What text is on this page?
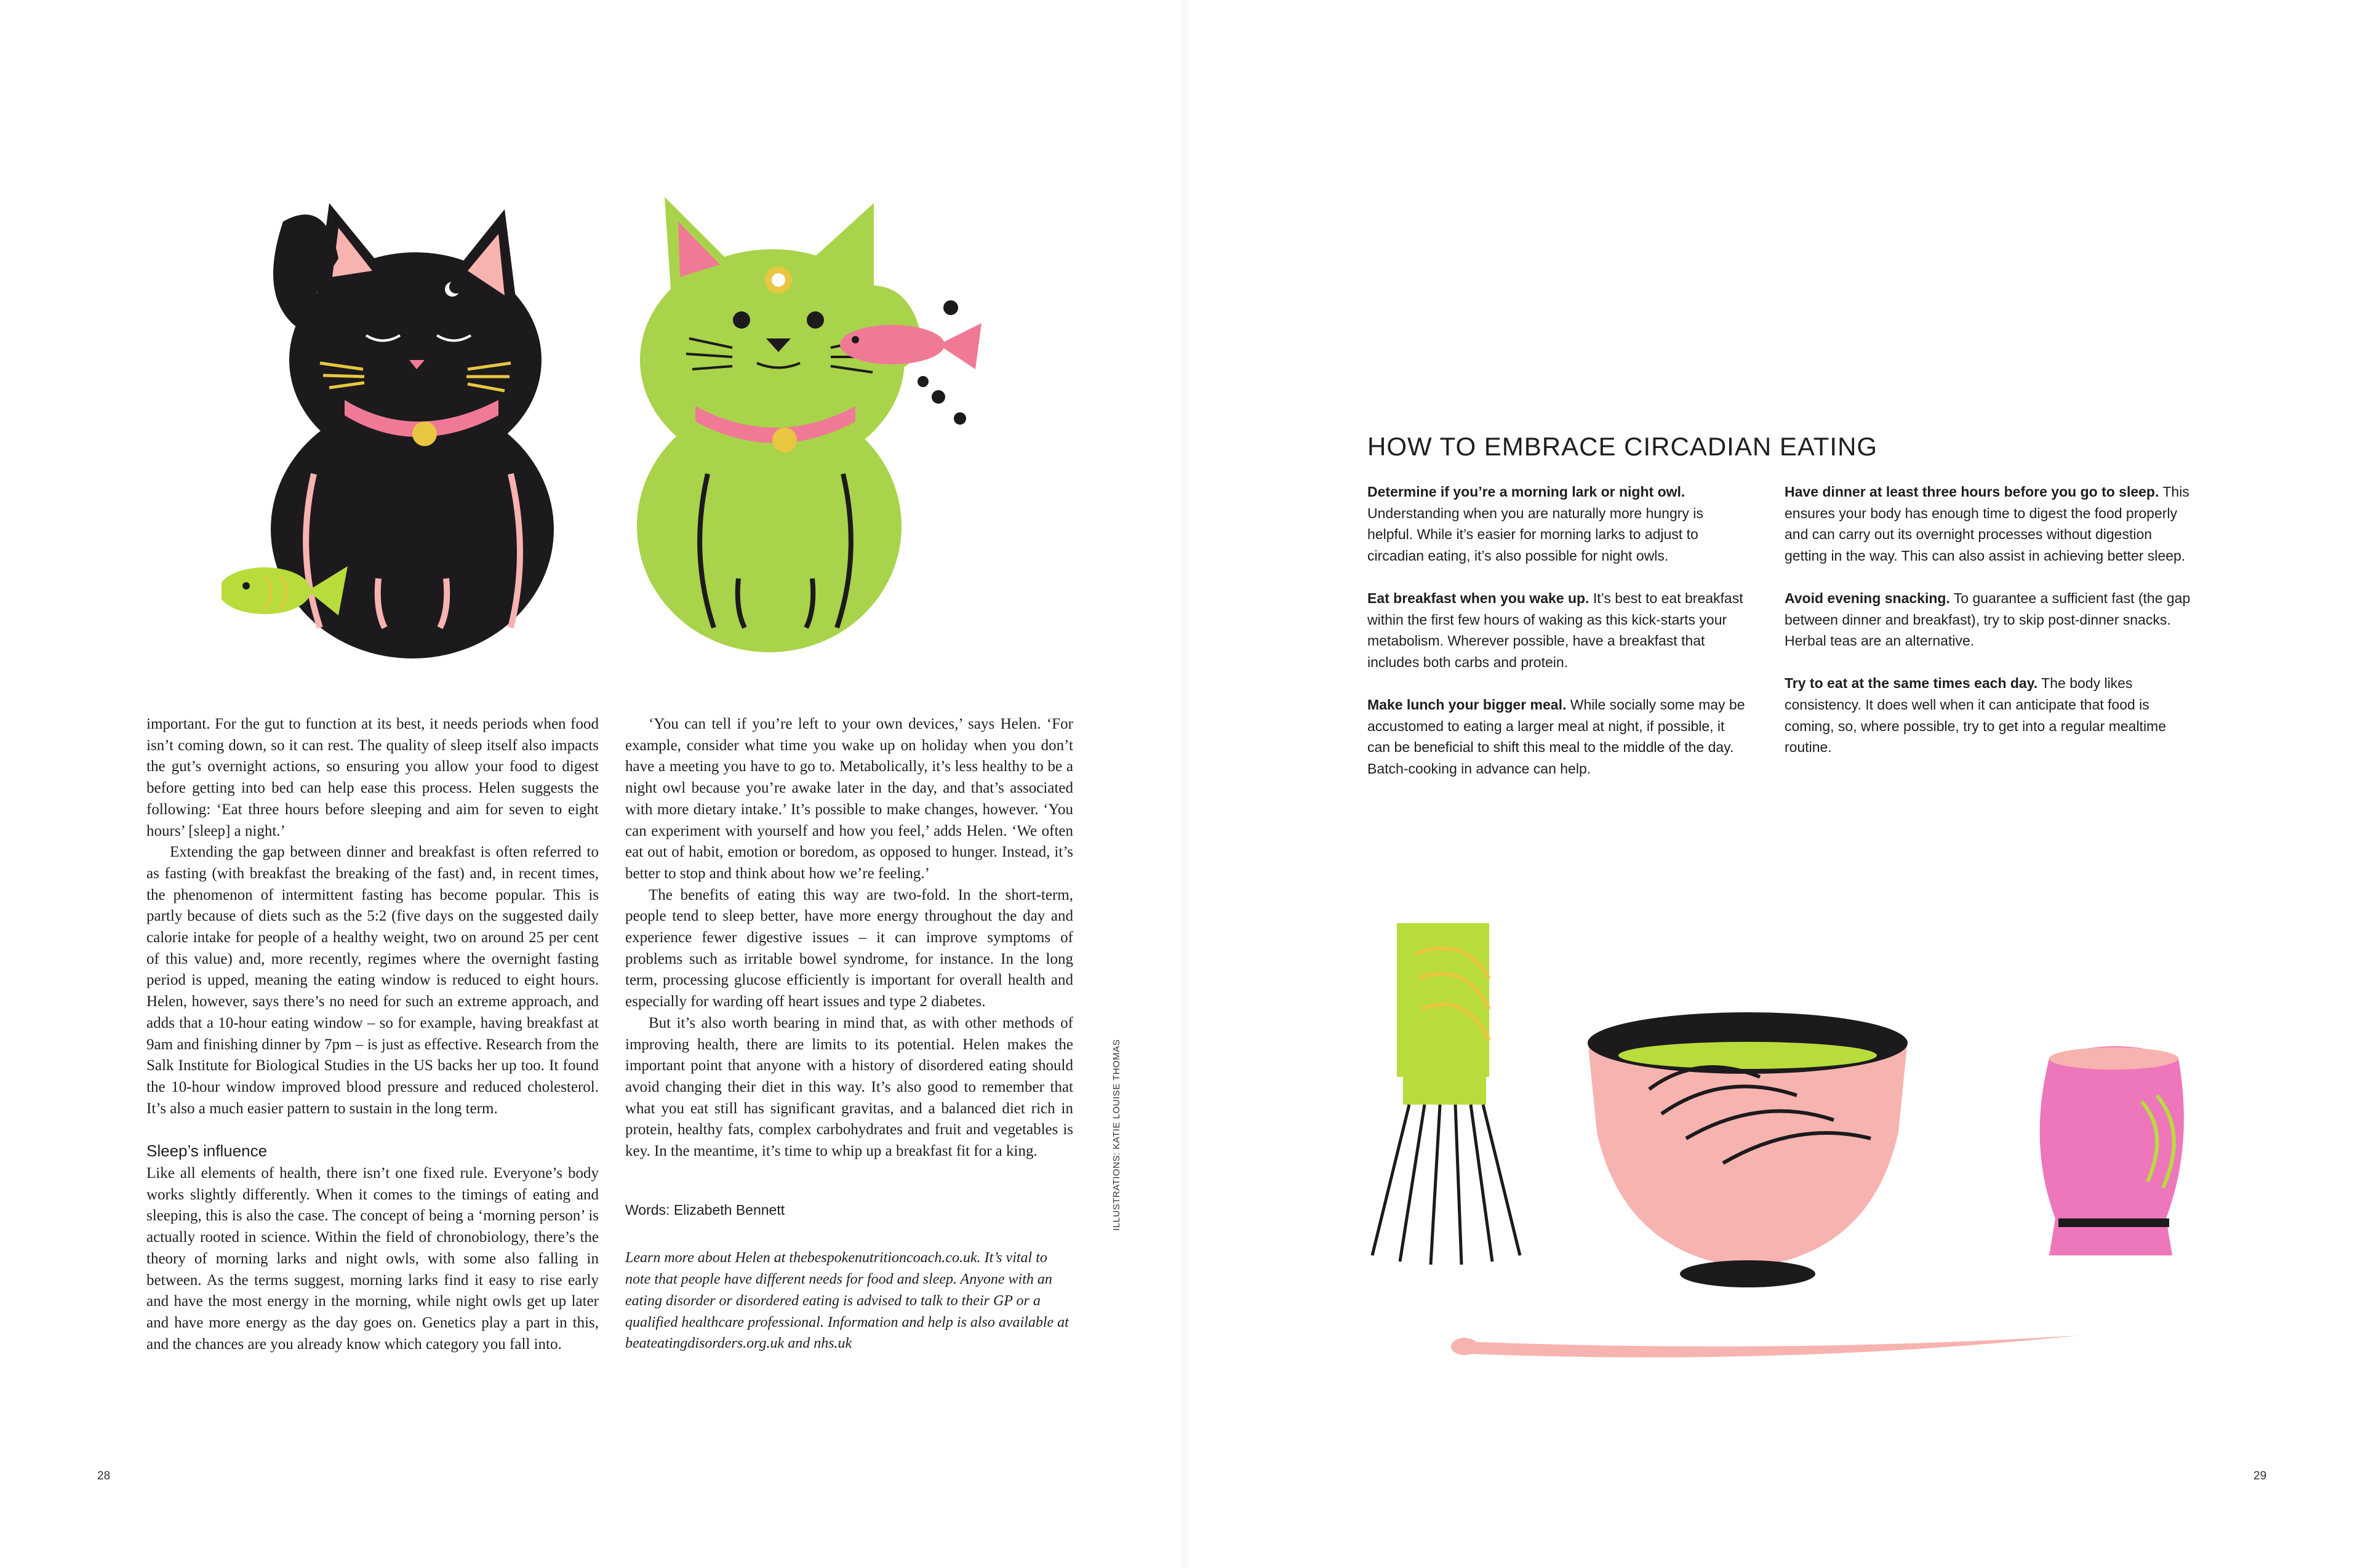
important. For the gut to function at its best, it needs periods when food isn’t coming down, so it can rest. The quality of sleep itself also impacts the gut’s overnight actions, so ensuring you allow your food to digest before getting into bed can help ease this process. Helen suggests the following: ‘Eat three hours before sleeping and aim for seven to eight hours’ [sleep] a night.’

Extending the gap between dinner and breakfast is often referred to as fasting (with breakfast the breaking of the fast) and, in recent times, the phenomenon of intermittent fasting has become popular. This is partly because of diets such as the 5:2 (five days on the suggested daily calorie intake for people of a healthy weight, two on around 25 per cent of this value) and, more recently, regimes where the overnight fasting period is upped, meaning the eating window is reduced to eight hours. Helen, however, says there’s no need for such an extreme approach, and adds that a 10-hour eating window – so for example, having breakfast at 9am and finishing dinner by 7pm – is just as effective. Research from the Salk Institute for Biological Studies in the US backs her up too. It found the 10-hour window improved blood pressure and reduced cholesterol. It’s also a much easier pattern to sustain in the long term.

Sleep’s influence

Like all elements of health, there isn’t one fixed rule. Everyone’s body works slightly differently. When it comes to the timings of eating and sleeping, this is also the case. The concept of being a ‘morning person’ is actually rooted in science. Within the field of chronobiology, there’s the theory of morning larks and night owls, with some also falling in between. As the terms suggest, morning larks find it easy to rise early and have the most energy in the morning, while night owls get up later and have more energy as the day goes on. Genetics play a part in this, and the chances are you already know which category you fall into.

‘You can tell if you’re left to your own devices,’ says Helen. ‘For example, consider what time you wake up on holiday when you don’t have a meeting you have to go to. Metabolically, it’s less healthy to be a night owl because you’re awake later in the day, and that’s associated with more dietary intake.’ It’s possible to make changes, however. ‘You can experiment with yourself and how you feel,’ adds Helen. ‘We often eat out of habit, emotion or boredom, as opposed to hunger. Instead, it’s better to stop and think about how we’re feeling.’

The benefits of eating this way are two-fold. In the short-term, people tend to sleep better, have more energy throughout the day and experience fewer digestive issues – it can improve symptoms of problems such as irritable bowel syndrome, for instance. In the long term, processing glucose efficiently is important for overall health and especially for warding off heart issues and type 2 diabetes.

But it’s also worth bearing in mind that, as with other methods of improving health, there are limits to its potential. Helen makes the important point that anyone with a history of disordered eating should avoid changing their diet in this way. It’s also good to remember that what you eat still has significant gravitas, and a balanced diet rich in protein, healthy fats, complex carbohydrates and fruit and vegetables is key. In the meantime, it’s time to whip up a breakfast fit for a king.

Words: Elizabeth Bennett

Learn more about Helen at thebespokenutritioncoach.co.uk. It’s vital to note that people have different needs for food and sleep. Anyone with an eating disorder or disordered eating is advised to talk to their GP or a qualified healthcare professional. Information and help is also available at beateatingdisorders.org.uk and nhs.uk

ILLUSTRATIONS: KATIE LOUISE THOMAS
28
HOW TO EMBRACE CIRCADIAN EATING

Determine if you’re a morning lark or night owl. Understanding when you are naturally more hungry is helpful. While it’s easier for morning larks to adjust to circadian eating, it’s also possible for night owls.

Eat breakfast when you wake up. It’s best to eat breakfast within the first few hours of waking as this kick-starts your metabolism. Wherever possible, have a breakfast that includes both carbs and protein.

Make lunch your bigger meal. While socially some may be accustomed to eating a larger meal at night, if possible, it can be beneficial to shift this meal to the middle of the day. Batch-cooking in advance can help.

Have dinner at least three hours before you go to sleep. This ensures your body has enough time to digest the food properly and can carry out its overnight processes without digestion getting in the way. This can also assist in achieving better sleep.

Avoid evening snacking. To guarantee a sufficient fast (the gap between dinner and breakfast), try to skip post-dinner snacks. Herbal teas are an alternative.

Try to eat at the same times each day. The body likes consistency. It does well when it can anticipate that food is coming, so, where possible, try to get into a regular mealtime routine.

29
